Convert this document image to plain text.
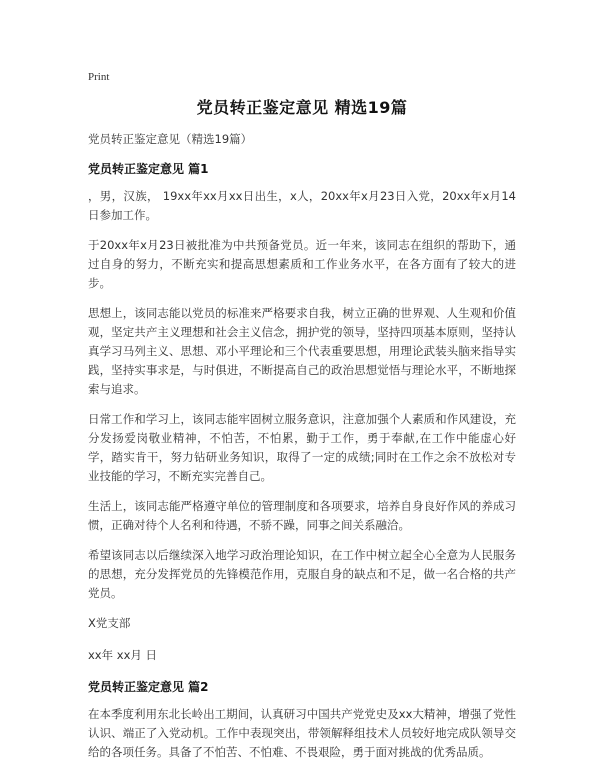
Print
党员转正鉴定意见 精选19篇

党员转正鉴定意见（精选19篇）

党员转正鉴定意见 篇1

，男，汉族， 19xx年xx月xx日出生，x人，20xx年x月23日入党，20xx年x月14日参加工作。

于20xx年x月23日被批准为中共预备党员。近一年来，该同志在组织的帮助下，通过自身的努力，不断充实和提高思想素质和工作业务水平，在各方面有了较大的进步。

思想上，该同志能以党员的标准来严格要求自我，树立正确的世界观、人生观和价值观，坚定共产主义理想和社会主义信念，拥护党的领导，坚持四项基本原则，坚持认真学习马列主义、思想、邓小平理论和三个代表重要思想，用理论武装头脑来指导实践，坚持实事求是，与时俱进，不断提高自己的政治思想觉悟与理论水平，不断地探索与追求。

日常工作和学习上，该同志能牢固树立服务意识，注意加强个人素质和作风建设，充分发扬爱岗敬业精神，不怕苦，不怕累，勤于工作，勇于奉献,在工作中能虚心好学，踏实肯干，努力钻研业务知识，取得了一定的成绩;同时在工作之余不放松对专业技能的学习，不断充实完善自己。

生活上，该同志能严格遵守单位的管理制度和各项要求，培养自身良好作风的养成习惯，正确对待个人名利和待遇，不骄不躁，同事之间关系融洽。

希望该同志以后继续深入地学习政治理论知识，在工作中树立起全心全意为人民服务的思想，充分发挥党员的先锋模范作用，克服自身的缺点和不足，做一名合格的共产党员。

X党支部

xx年 xx月 日

党员转正鉴定意见 篇2

在本季度利用东北长岭出工期间，认真研习中国共产党党史及xx大精神，增强了党性认识、端正了入党动机。工作中表现突出，带领解释组技术人员较好地完成队领导交给的各项任务。具备了不怕苦、不怕难、不畏艰险，勇于面对挑战的优秀品质。
